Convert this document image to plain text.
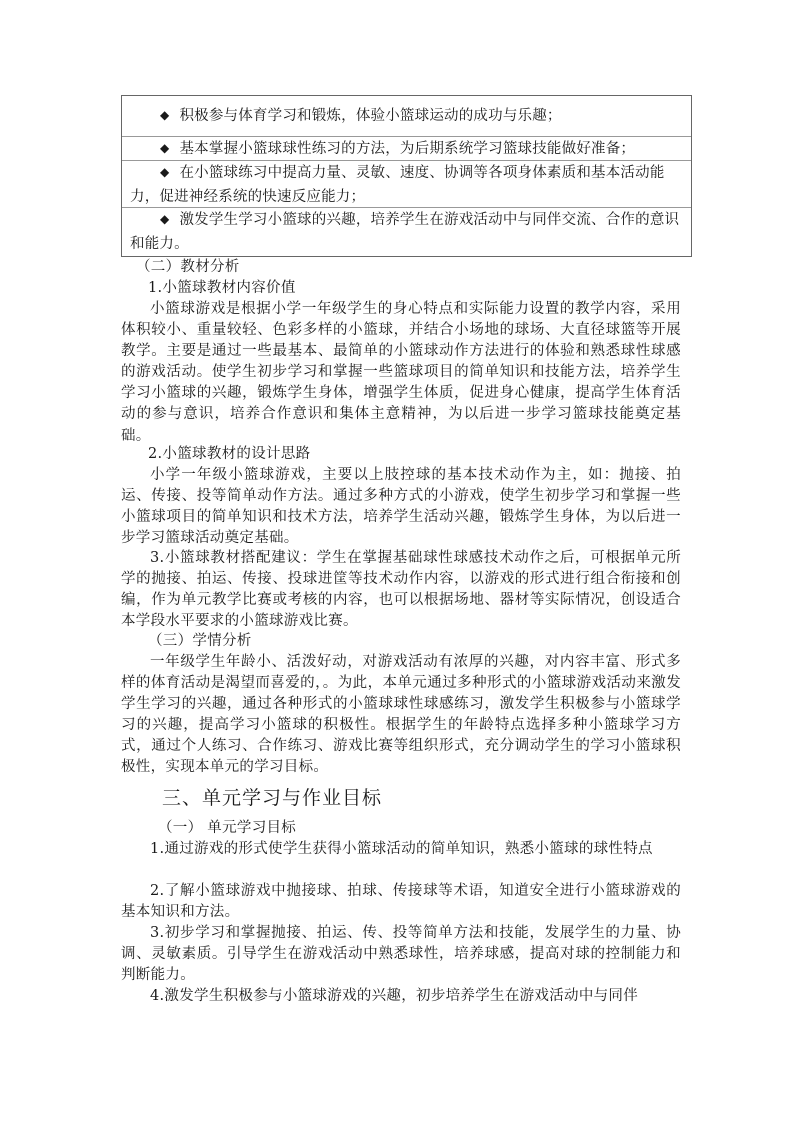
◆ 积极参与体育学习和锻炼，体验小篮球运动的成功与乐趣；
◆ 基本掌握小篮球球性练习的方法，为后期系统学习篮球技能做好准备；
◆ 在小篮球练习中提高力量、灵敏、速度、协调等各项身体素质和基本活动能力，促进神经系统的快速反应能力；
◆ 激发学生学习小篮球的兴趣，培养学生在游戏活动中与同伴交流、合作的意识和能力。
（二）教材分析
1.小篮球教材内容价值
小篮球游戏是根据小学一年级学生的身心特点和实际能力设置的教学内容，采用体积较小、重量较轻、色彩多样的小篮球，并结合小场地的球场、大直径球篮等开展教学。主要是通过一些最基本、最简单的小篮球动作方法进行的体验和熟悉球性球感的游戏活动。使学生初步学习和掌握一些篮球项目的简单知识和技能方法，培养学生学习小篮球的兴趣，锻炼学生身体，增强学生体质，促进身心健康，提高学生体育活动的参与意识，培养合作意识和集体主意精神，为以后进一步学习篮球技能奠定基础。
2.小篮球教材的设计思路
小学一年级小篮球游戏，主要以上肢控球的基本技术动作为主，如：抛接、拍运、传接、投等简单动作方法。通过多种方式的小游戏，使学生初步学习和掌握一些小篮球项目的简单知识和技术方法，培养学生活动兴趣，锻炼学生身体，为以后进一步学习篮球活动奠定基础。
3.小篮球教材搭配建议：学生在掌握基础球性球感技术动作之后，可根据单元所学的抛接、拍运、传接、投球进筐等技术动作内容，以游戏的形式进行组合衔接和创编，作为单元教学比赛或考核的内容，也可以根据场地、器材等实际情况，创设适合本学段水平要求的小篮球游戏比赛。
（三）学情分析
一年级学生年龄小、活泼好动，对游戏活动有浓厚的兴趣，对内容丰富、形式多样的体育活动是渴望而喜爱的，。为此，本单元通过多种形式的小篮球游戏活动来激发学生学习的兴趣，通过各种形式的小篮球球性球感练习，激发学生积极参与小篮球学习的兴趣，提高学习小篮球的积极性。根据学生的年龄特点选择多种小篮球学习方式，通过个人练习、合作练习、游戏比赛等组织形式，充分调动学生的学习小篮球积极性，实现本单元的学习目标。
三、单元学习与作业目标
（一） 单元学习目标
1.通过游戏的形式使学生获得小篮球活动的简单知识，熟悉小篮球的球性特点
2.了解小篮球游戏中抛接球、拍球、传接球等术语，知道安全进行小篮球游戏的基本知识和方法。
3.初步学习和掌握抛接、拍运、传、投等简单方法和技能，发展学生的力量、协调、灵敏素质。引导学生在游戏活动中熟悉球性，培养球感，提高对球的控制能力和判断能力。
4.激发学生积极参与小篮球游戏的兴趣，初步培养学生在游戏活动中与同伴
